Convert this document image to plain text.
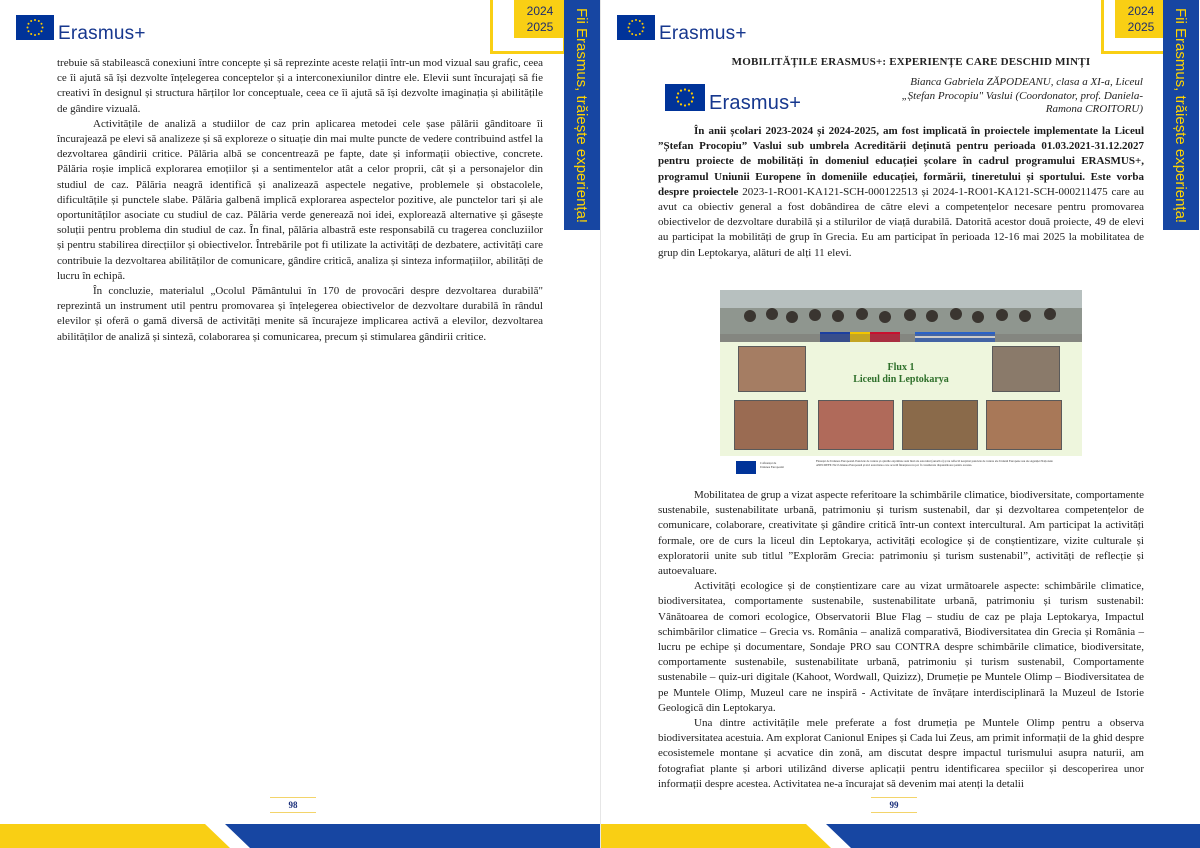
Erasmus+
2024
2025	Fii Erasmus, trăiește experiența!

trebuie să stabilească conexiuni între concepte și să reprezinte aceste relații într-un mod vizual sau grafic, ceea ce îi ajută să își dezvolte înțelegerea conceptelor și a interconexiunilor dintre ele. Elevii sunt încurajați să fie creativi în designul și structura hărților lor conceptuale, ceea ce îi ajută să își dezvolte imaginația și abilitățile de gândire vizuală.

Activitățile de analiză a studiilor de caz prin aplicarea metodei cele șase pălării gânditoare îi încurajează pe elevi să analizeze și să exploreze o situație din mai multe puncte de vedere contribuind astfel la dezvoltarea gândirii critice. Pălăria albă se concentrează pe fapte, date și informații obiective, concrete. Pălăria roșie implică explorarea emoțiilor și a sentimentelor atât a celor proprii, cât și a personajelor din studiul de caz. Pălăria neagră identifică și analizează aspectele negative, problemele și obstacolele, dificultățile și punctele slabe. Pălăria galbenă implică explorarea aspectelor pozitive, ale punctelor tari și ale oportunităților asociate cu studiul de caz. Pălăria verde generează noi idei, explorează alternative și găsește soluții pentru problema din studiul de caz. În final, pălăria albastră este responsabilă cu tragerea concluziilor și pentru stabilirea direcțiilor și obiectivelor. Întrebările pot fi utilizate la activități de dezbatere, activități care contribuie la dezvoltarea abilităților de comunicare, gândire critică, analiza și sinteza informațiilor, abilități de lucru în echipă.

În concluzie, materialul „Ocolul Pământului în 170 de provocări despre dezvoltarea durabilă" reprezintă un instrument util pentru promovarea și înțelegerea obiectivelor de dezvoltare durabilă în rândul elevilor și oferă o gamă diversă de activități menite să încurajeze implicarea activă a elevilor, dezvoltarea abilităților de analiză și sinteză, colaborarea și comunicarea, precum și stimularea gândirii critice.

98
Erasmus+
2024
2025	Fii Erasmus, trăiește experiența!
MOBILITĂȚILE ERASMUS+: EXPERIENȚE CARE DESCHID MINȚI
Erasmus+
Bianca Gabriela ZĂPODEANU, clasa a XI-a, Liceul
„Ștefan Procopiu" Vaslui (Coordonator, prof. Daniela-
Ramona CROITORU)

În anii școlari 2023-2024 și 2024-2025, am fost implicată în proiectele implementate la Liceul ”Ștefan Procopiu” Vaslui sub umbrela Acreditării deținută pentru perioada 01.03.2021-31.12.2027 pentru proiecte de mobilități în domeniul educației școlare în cadrul programului ERASMUS+, programul Uniunii Europene în domeniile educației, formării, tineretului și sportului. Este vorba despre proiectele 2023-1-RO01-KA121-SCH-000122513 și 2024-1-RO01-KA121-SCH-000211475 care au avut ca obiectiv general a fost dobândirea de către elevi a competențelor necesare pentru promovarea obiectivelor de dezvoltare durabilă și a stilurilor de viață durabilă. Datorită acestor două proiecte, 49 de elevi au participat la mobilități de grup în Grecia. Eu am participat în perioada 12-16 mai 2025 la mobilitatea de grup din Leptokarya, alături de alți 11 elevi.

Flux 1
Liceul din Leptokarya
Cofinanțat de
Uniunea Europeană
Finanțat de Uniunea Europeană. Punctele de vedere și opiniile exprimate sunt însă ale autorului (autorilor) și nu reflectă neapărat punctele de vedere ale Uniunii Europene sau ale Agenției Naționale ANPCDEFP. Nici Uniunea Europeană și nici autoritatea care acordă finanțarea nu pot fi considerate răspunzătoare pentru acestea.

Mobilitatea de grup a vizat aspecte referitoare la schimbările climatice, biodiversitate, comportamente sustenabile, sustenabilitate urbană, patrimoniu și turism sustenabil, dar și dezvoltarea competențelor de comunicare, colaborare, creativitate și gândire critică într-un context intercultural. Am participat la activități formale, ore de curs la liceul din Leptokarya, activități ecologice și de conștientizare, vizite culturale și exploratorii unite sub titlul ”Explorăm Grecia: patrimoniu și turism sustenabil”, activități de reflecție și autoevaluare.

Activități ecologice și de conștientizare care au vizat următoarele aspecte: schimbările climatice, biodiversitatea, comportamente sustenabile, sustenabilitate urbană, patrimoniu și turism sustenabil: Vânătoarea de comori ecologice, Observatorii Blue Flag – studiu de caz pe plaja Leptokarya, Impactul schimbărilor climatice – Grecia vs. România – analiză comparativă, Biodiversitatea din Grecia și România – lucru pe echipe și documentare, Sondaje PRO sau CONTRA despre schimbările climatice, biodiversitate, comportamente sustenabile, sustenabilitate urbană, patrimoniu și turism sustenabil, Comportamente sustenabile – quiz-uri digitale (Kahoot, Wordwall, Quizizz), Drumeție pe Muntele Olimp – Biodiversitatea de pe Muntele Olimp, Muzeul care ne inspiră - Activitate de învățare interdisciplinară la Muzeul de Istorie Geologică din Leptokarya.

Una dintre activitățile mele preferate a fost drumeția pe Muntele Olimp pentru a observa biodiversitatea acestuia. Am explorat Canionul Enipes și Cada lui Zeus, am primit informații de la ghid despre ecosistemele montane și acvatice din zonă, am discutat despre impactul turismului asupra naturii, am fotografiat plante și arbori utilizând diverse aplicații pentru identificarea speciilor și descoperirea unor informații despre acestea. Activitatea ne-a încurajat să devenim mai atenți la detalii

99
